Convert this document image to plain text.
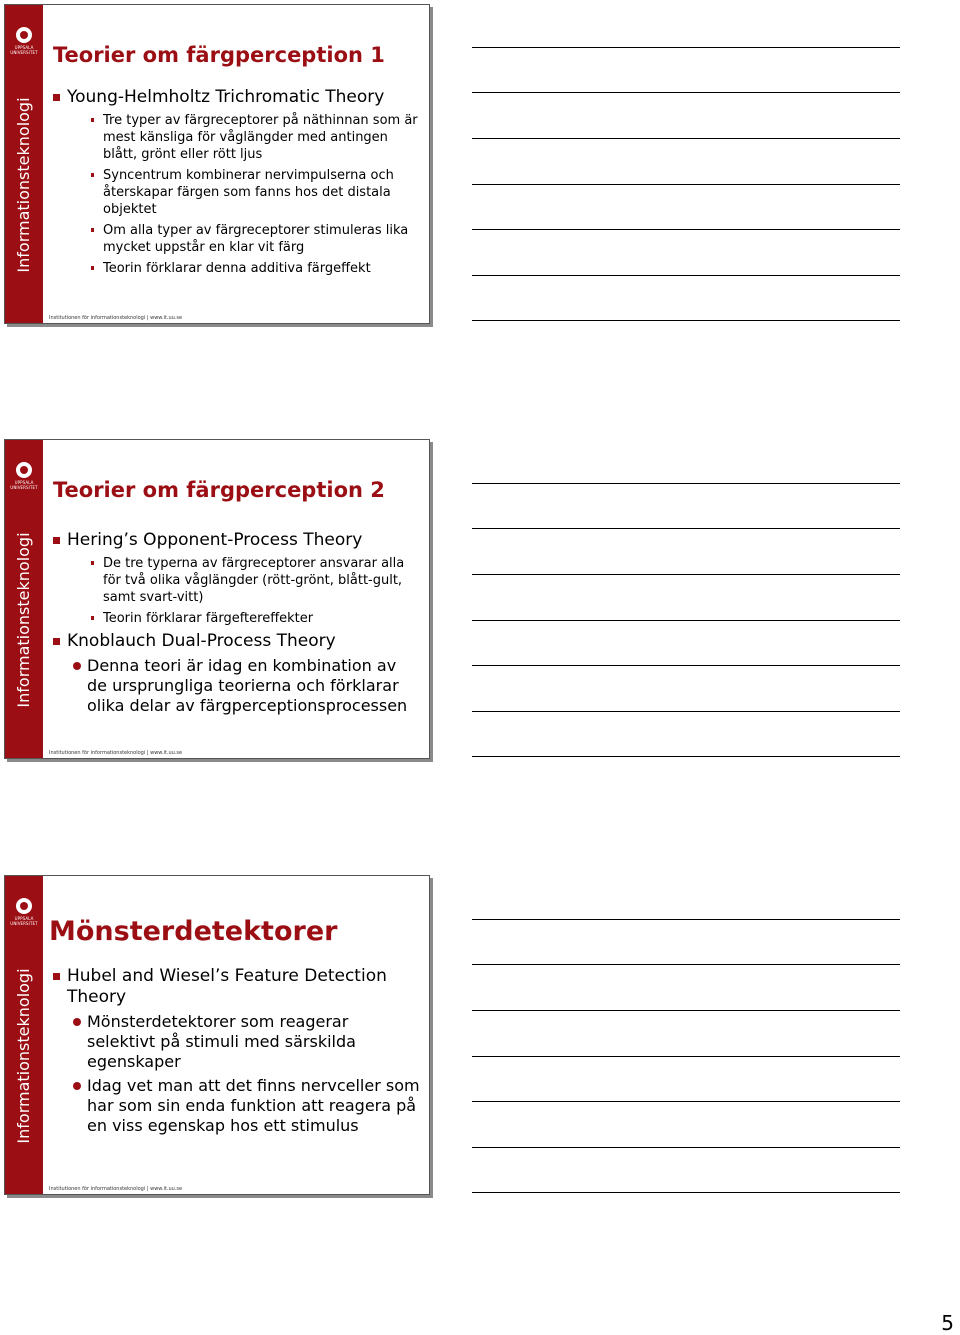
UPPSALA UNIVERSITET
Informationsteknologi
Teorier om färgperception 1
Young-Helmholtz Trichromatic Theory
Tre typer av färgreceptorer på näthinnan som är mest känsliga för våglängder med antingen blått, grönt eller rött ljus
Syncentrum kombinerar nervimpulserna och återskapar färgen som fanns hos det distala objektet
Om alla typer av färgreceptorer stimuleras lika mycket uppstår en klar vit färg
Teorin förklarar denna additiva färgeffekt
Institutionen för informationsteknologi | www.it.uu.se
UPPSALA UNIVERSITET
Informationsteknologi
Teorier om färgperception 2
Hering’s Opponent-Process Theory
De tre typerna av färgreceptorer ansvarar alla för två olika våglängder (rött-grönt, blått-gult, samt svart-vitt)
Teorin förklarar färgeftereffekter
Knoblauch Dual-Process Theory
Denna teori är idag en kombination av de ursprungliga teorierna och förklarar olika delar av färgperceptionsprocessen
Institutionen för informationsteknologi | www.it.uu.se
UPPSALA UNIVERSITET
Informationsteknologi
Mönsterdetektorer
Hubel and Wiesel’s Feature Detection Theory
Mönsterdetektorer som reagerar selektivt på stimuli med särskilda egenskaper
Idag vet man att det finns nervceller som har som sin enda funktion att reagera på en viss egenskap hos ett stimulus
Institutionen för informationsteknologi | www.it.uu.se
5
